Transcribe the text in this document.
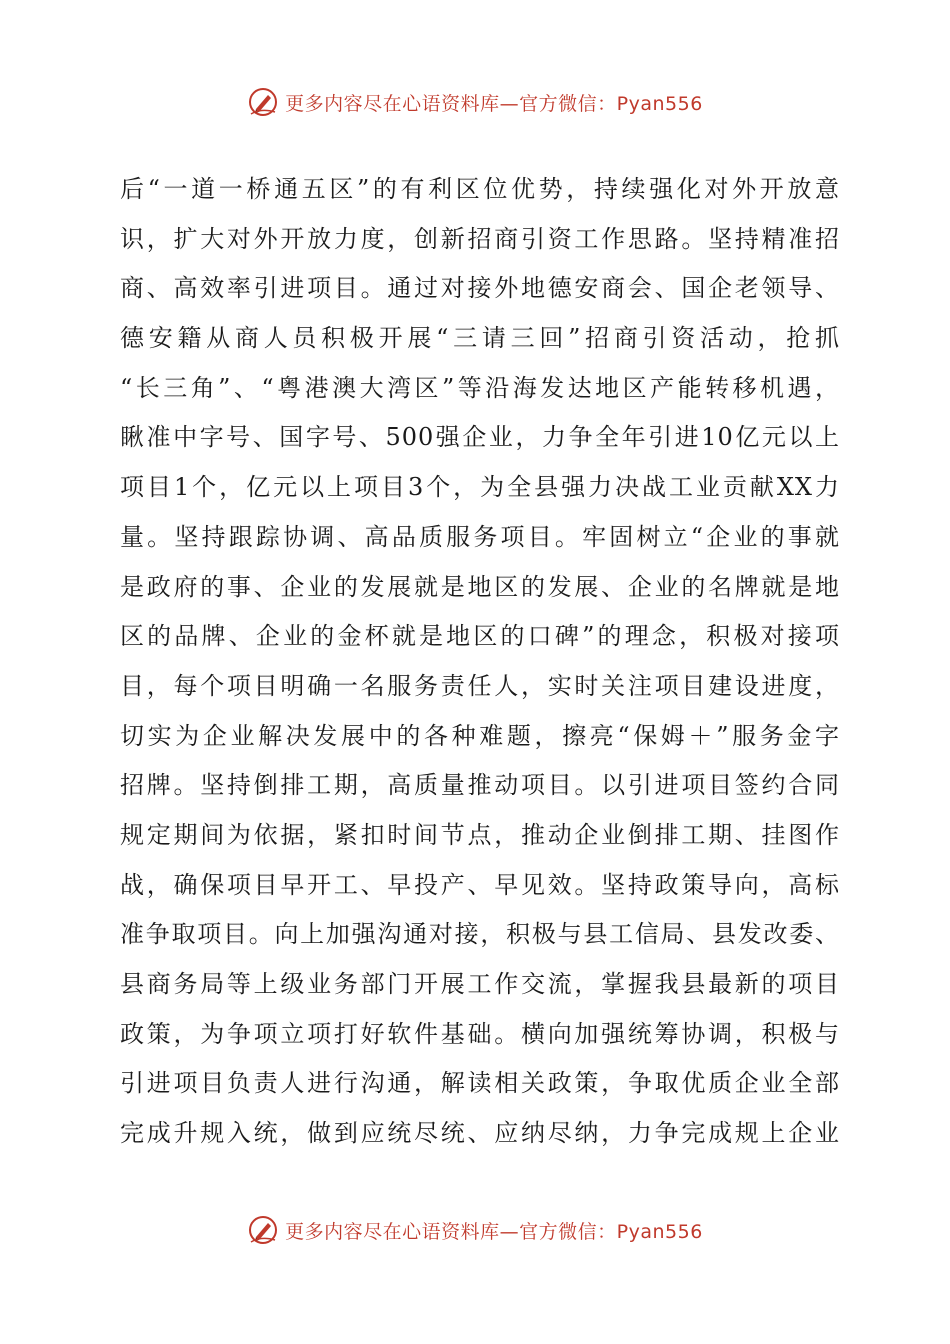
更多内容尽在心语资料库—官方微信：Pyan556
后“一道一桥通五区”的有利区位优势，持续强化对外开放意
识，扩大对外开放力度，创新招商引资工作思路。坚持精准招
商、高效率引进项目。通过对接外地德安商会、国企老领导、
德安籍从商人员积极开展“三请三回”招商引资活动，抢抓
“长三角”、“粤港澳大湾区”等沿海发达地区产能转移机遇，
瞅准中字号、国字号、500强企业，力争全年引进10亿元以上
项目1个，亿元以上项目3个，为全县强力决战工业贡献XX力
量。坚持跟踪协调、高品质服务项目。牢固树立“企业的事就
是政府的事、企业的发展就是地区的发展、企业的名牌就是地
区的品牌、企业的金杯就是地区的口碑”的理念，积极对接项
目，每个项目明确一名服务责任人，实时关注项目建设进度，
切实为企业解决发展中的各种难题，擦亮“保姆＋”服务金字
招牌。坚持倒排工期，高质量推动项目。以引进项目签约合同
规定期间为依据，紧扣时间节点，推动企业倒排工期、挂图作
战，确保项目早开工、早投产、早见效。坚持政策导向，高标
准争取项目。向上加强沟通对接，积极与县工信局、县发改委、
县商务局等上级业务部门开展工作交流，掌握我县最新的项目
政策，为争项立项打好软件基础。横向加强统筹协调，积极与
引进项目负责人进行沟通，解读相关政策，争取优质企业全部
完成升规入统，做到应统尽统、应纳尽纳，力争完成规上企业
更多内容尽在心语资料库—官方微信：Pyan556
